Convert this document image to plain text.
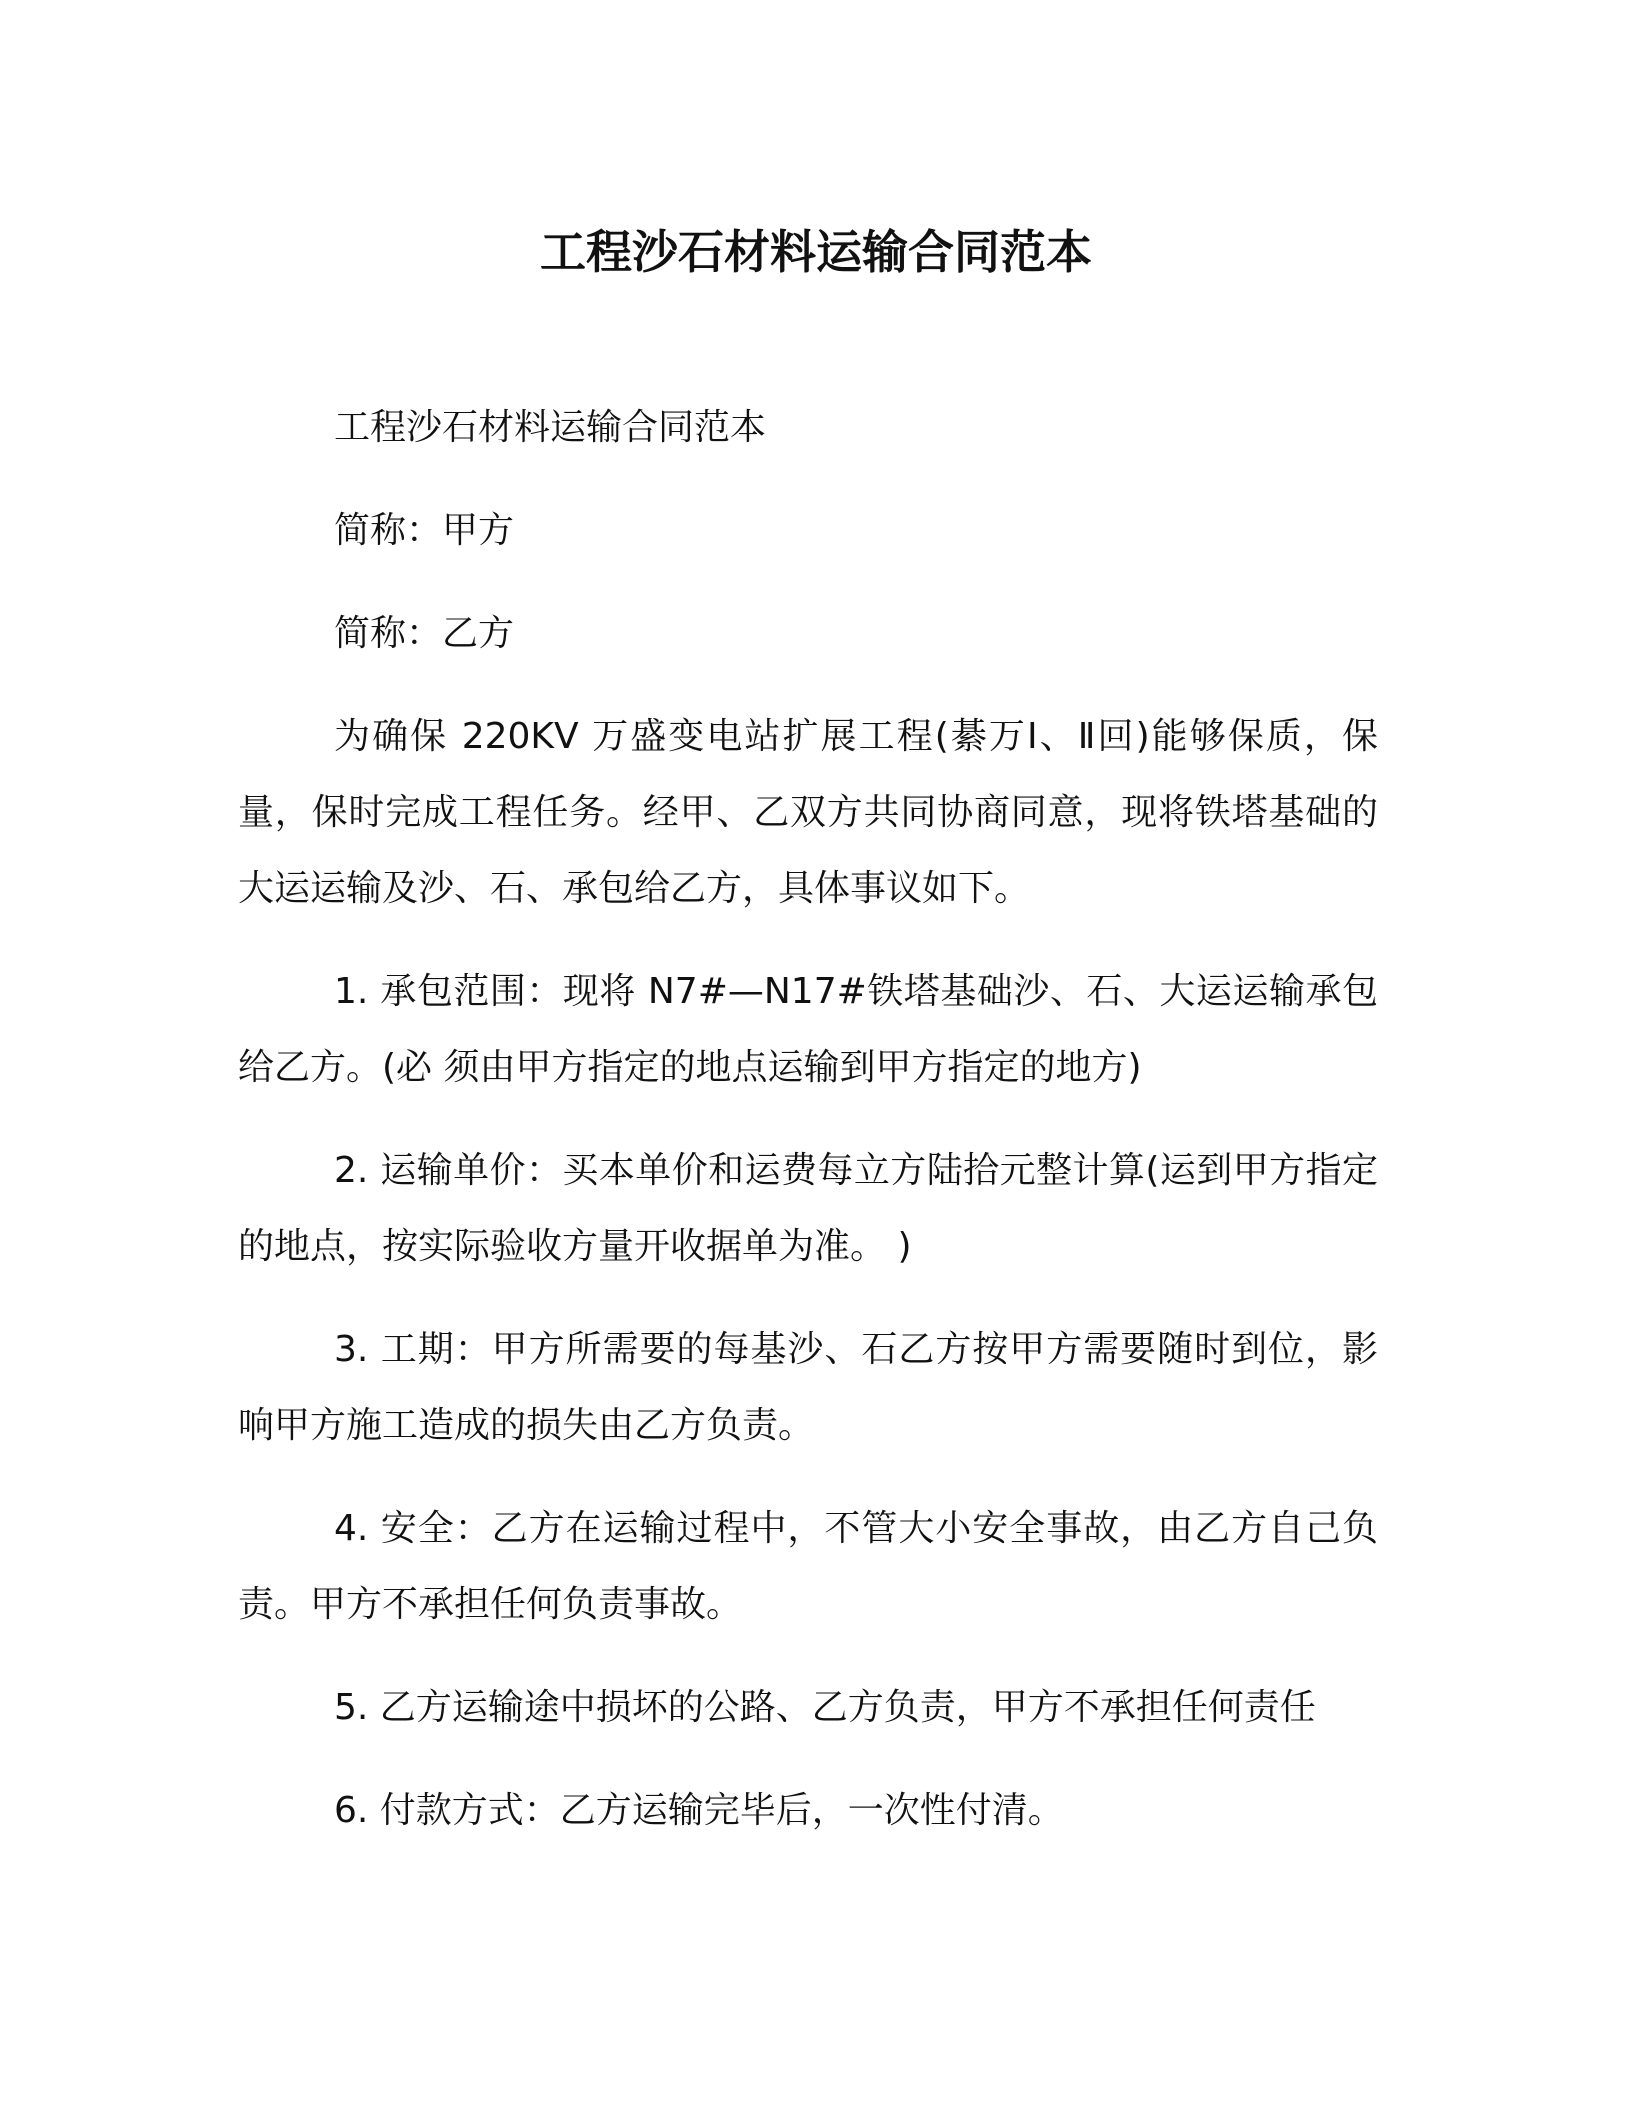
工程沙石材料运输合同范本

工程沙石材料运输合同范本

简称：甲方

简称：乙方

为确保 220KV 万盛变电站扩展工程(綦万Ⅰ、Ⅱ回)能够保质，保量，保时完成工程任务。经甲、乙双方共同协商同意，现将铁塔基础的大运运输及沙、石、承包给乙方，具体事议如下。

1. 承包范围：现将 N7#—N17#铁塔基础沙、石、大运运输承包给乙方。(必 须由甲方指定的地点运输到甲方指定的地方)

2. 运输单价：买本单价和运费每立方陆拾元整计算(运到甲方指定的地点，按实际验收方量开收据单为准。 )

3. 工期：甲方所需要的每基沙、石乙方按甲方需要随时到位，影响甲方施工造成的损失由乙方负责。

4. 安全：乙方在运输过程中，不管大小安全事故，由乙方自己负责。甲方不承担任何负责事故。

5. 乙方运输途中损坏的公路、乙方负责，甲方不承担任何责任

6. 付款方式：乙方运输完毕后，一次性付清。
